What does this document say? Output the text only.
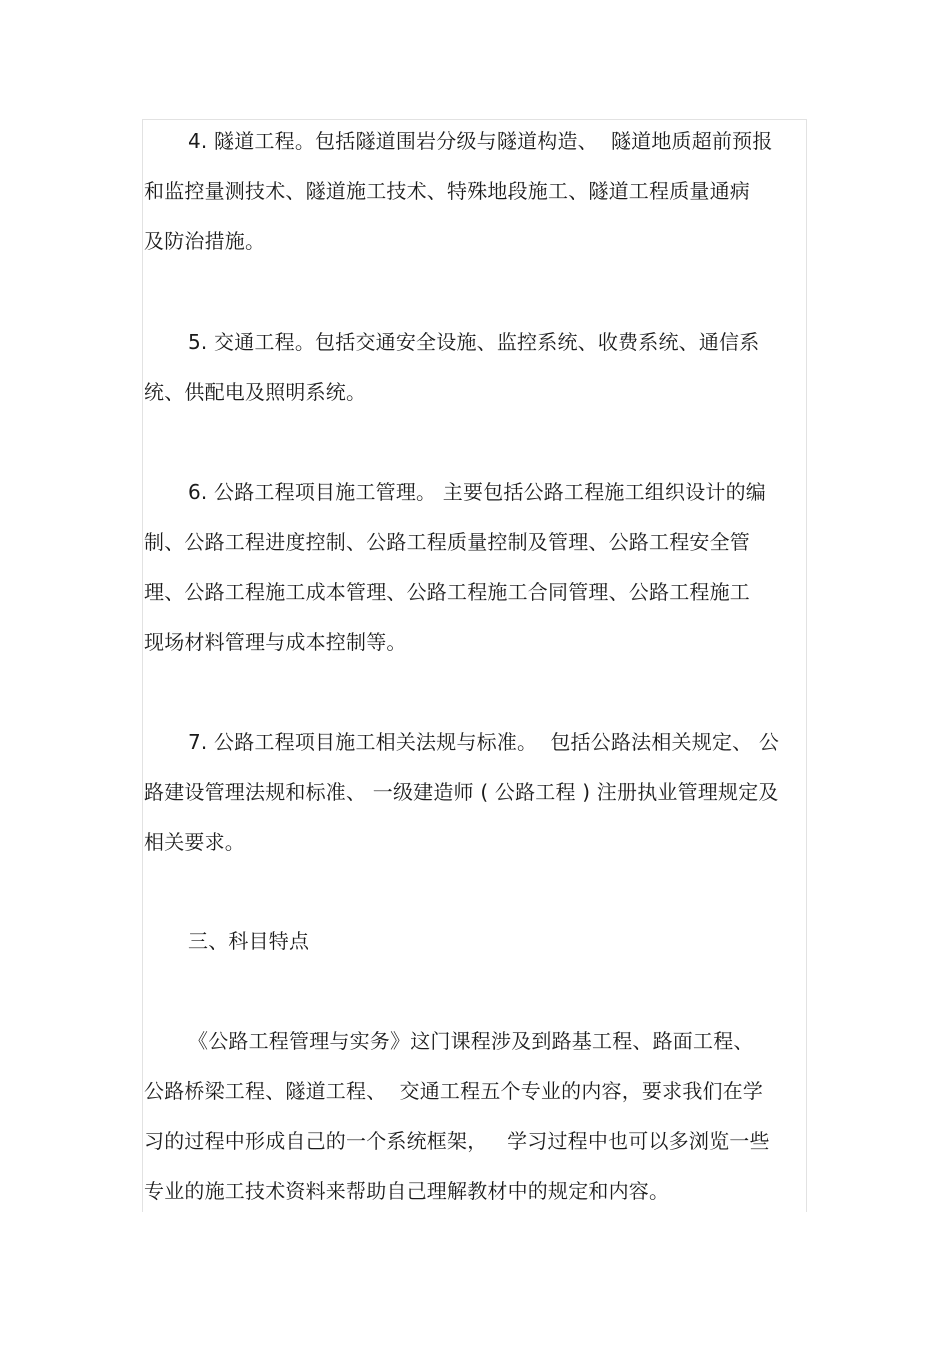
4. 隧道工程。包括隧道围岩分级与隧道构造、  隧道地质超前预报
和监控量测技术、隧道施工技术、特殊地段施工、隧道工程质量通病
及防治措施。
5. 交通工程。包括交通安全设施、监控系统、收费系统、通信系
统、供配电及照明系统。
6. 公路工程项目施工管理。 主要包括公路工程施工组织设计的编
制、公路工程进度控制、公路工程质量控制及管理、公路工程安全管
理、公路工程施工成本管理、公路工程施工合同管理、公路工程施工
现场材料管理与成本控制等。
7. 公路工程项目施工相关法规与标准。  包括公路法相关规定、 公
路建设管理法规和标准、 一级建造师 ( 公路工程 ) 注册执业管理规定及
相关要求。
三、科目特点
《公路工程管理与实务》这门课程涉及到路基工程、路面工程、
公路桥梁工程、隧道工程、  交通工程五个专业的内容，要求我们在学
习的过程中形成自己的一个系统框架，   学习过程中也可以多浏览一些
专业的施工技术资料来帮助自己理解教材中的规定和内容。
